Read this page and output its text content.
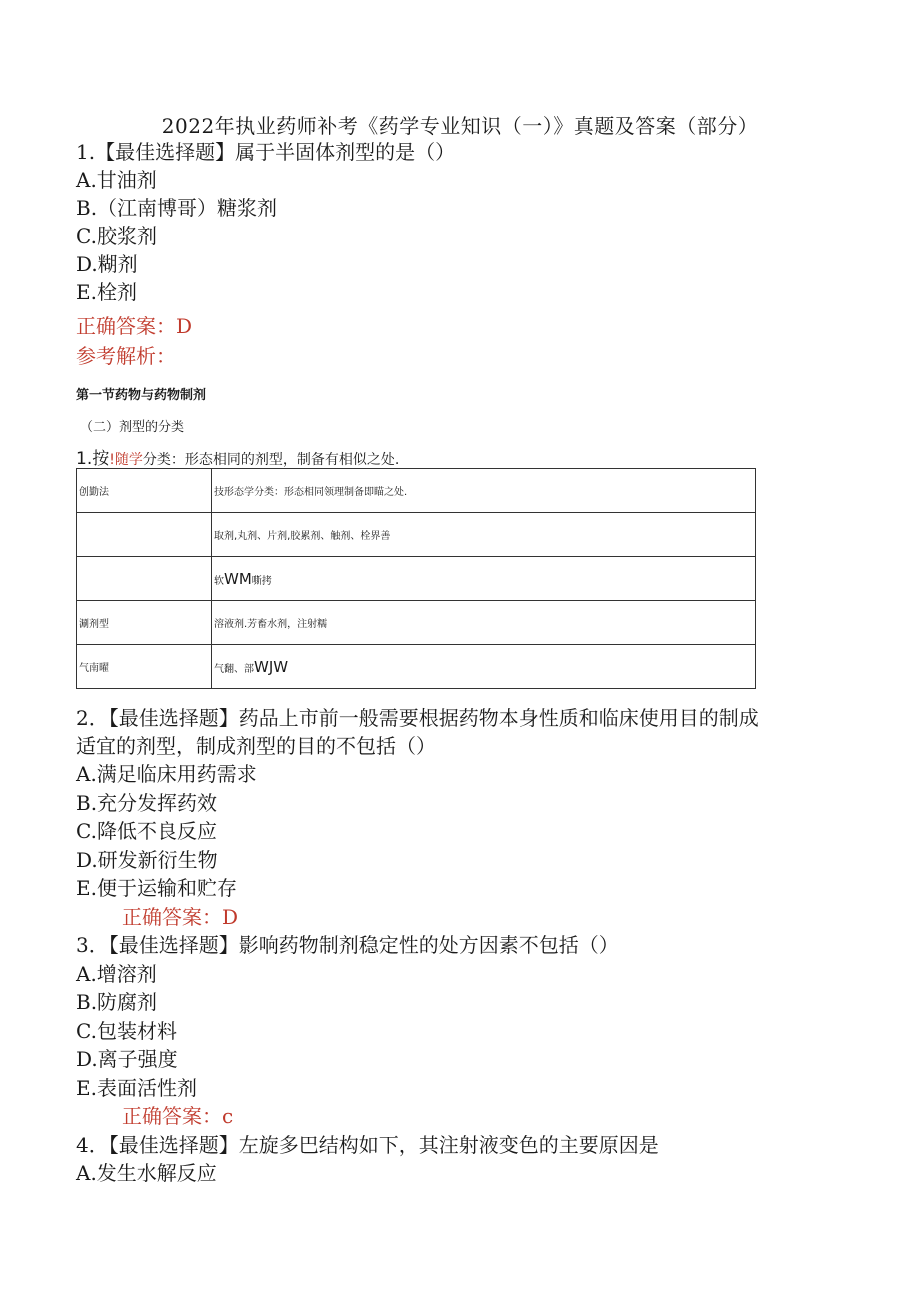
2022年执业药师补考《药学专业知识（一）》真题及答案（部分）
1.【最佳选择题】属于半固体剂型的是（）
A.甘油剂
B.（江南博哥）糖浆剂
C.胶浆剂
D.糊剂
E.栓剂
正确答案：D
参考解析：
第一节药物与药物制剂
（二）剂型的分类
1.按!随学分类：形态相同的剂型，制备有相似之处.
创勤法	技形态学分类：形态相同领理制备即瞄之处.
	取剂,丸剂、片剂,胶累剂、触剂、栓界善
	软WM嘶拷
涮剂型	溶液剂.芳畜水剂，注射糯
气南曜	气翻、部WJW
2．【最佳选择题】药品上市前一般需要根据药物本身性质和临床使用目的制成
适宜的剂型，制成剂型的目的不包括（）
A.满足临床用药需求
B.充分发挥药效
C.降低不良反应
D.研发新衍生物
E.便于运输和贮存
正确答案：D
3．【最佳选择题】影响药物制剂稳定性的处方因素不包括（）
A.增溶剂
B.防腐剂
C.包装材料
D.离子强度
E.表面活性剂
正确答案：c
4．【最佳选择题】左旋多巴结构如下，其注射液变色的主要原因是
A.发生水解反应
